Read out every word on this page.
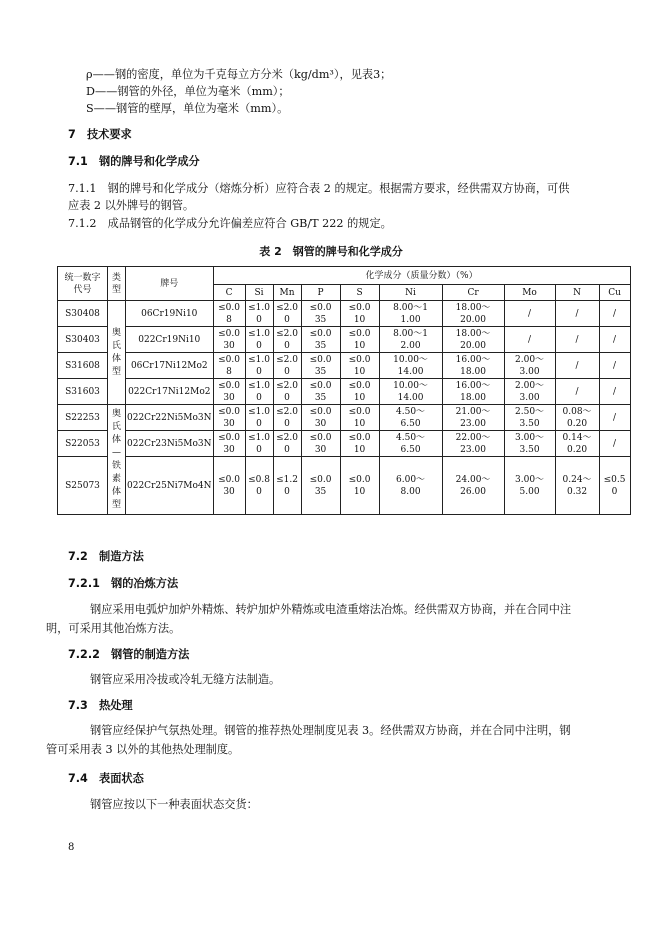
ρ——钢的密度，单位为千克每立方分米（kg/dm³），见表3；
D——钢管的外径，单位为毫米（mm）；
S——钢管的壁厚，单位为毫米（mm）。
7　技术要求
7.1　钢的牌号和化学成分
7.1.1　钢的牌号和化学成分（熔炼分析）应符合表 2 的规定。根据需方要求，经供需双方协商，可供
应表 2 以外牌号的钢管。
7.1.2　成品钢管的化学成分允许偏差应符合 GB/T 222 的规定。
表 2　钢管的牌号和化学成分
统一数字代号	类型	牌号	化学成分（质量分数）（%）									
			C	Si	Mn	P	S	Ni	Cr	Mo	N	Cu
S30408	奥氏体型	06Cr19Ni10	≤0.08	≤1.00	≤2.00	≤0.035	≤0.010	8.00～11.00	18.00～20.00	/	/	/

S30403		022Cr19Ni10	≤0.030	≤1.00	≤2.00	≤0.035	≤0.010	8.00～12.00	18.00～20.00	/	/	/

S31608		06Cr17Ni12Mo2	≤0.08	≤1.00	≤2.00	≤0.035	≤0.010	10.00～14.00	16.00～18.00	2.00～3.00	/	/

S31603		022Cr17Ni12Mo2	≤0.030	≤1.00	≤2.00	≤0.035	≤0.010	10.00～14.00	16.00～18.00	2.00～3.00	/	/

S22253	奥氏体—铁素体型	022Cr22Ni5Mo3N	≤0.030	≤1.00	≤2.00	≤0.030	≤0.010	4.50～6.50	21.00～23.00	2.50～3.50	0.08～0.20	/

S22053		022Cr23Ni5Mo3N	≤0.030	≤1.00	≤2.00	≤0.030	≤0.010	4.50～6.50	22.00～23.00	3.00～3.50	0.14～0.20	/

S25073		022Cr25Ni7Mo4N	≤0.030	≤0.80	≤1.20	≤0.035	≤0.010	6.00～8.00	24.00～26.00	3.00～5.00	0.24～0.32	≤0.50
7.2　制造方法
7.2.1　钢的冶炼方法
钢应采用电弧炉加炉外精炼、转炉加炉外精炼或电渣重熔法冶炼。经供需双方协商，并在合同中注
明，可采用其他冶炼方法。
7.2.2　钢管的制造方法
钢管应采用冷拔或冷轧无缝方法制造。
7.3　热处理
钢管应经保护气氛热处理。钢管的推荐热处理制度见表 3。经供需双方协商，并在合同中注明，钢
管可采用表 3 以外的其他热处理制度。
7.4　表面状态
钢管应按以下一种表面状态交货：
8
